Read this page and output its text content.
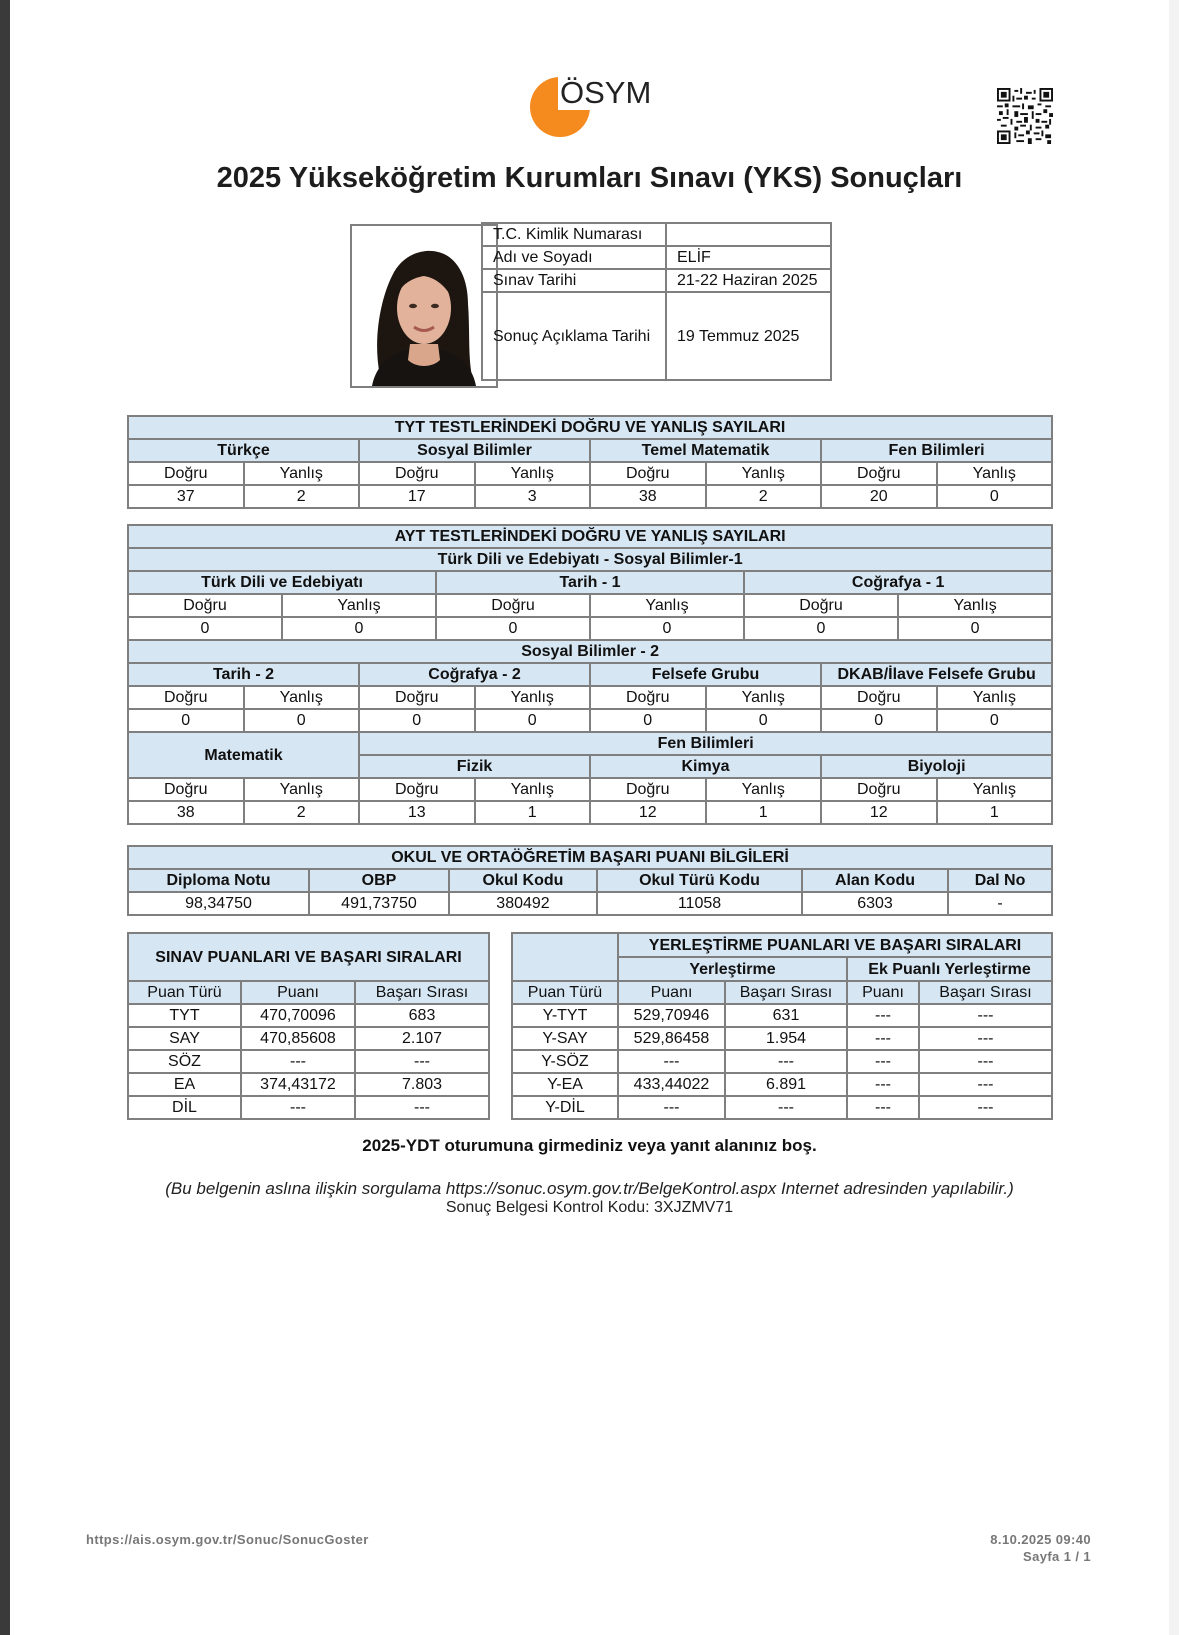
ÖSYM
2025 Yükseköğretim Kurumları Sınavı (YKS) Sonuçları
T.C. Kimlik Numarası	
Adı ve Soyadı	ELİF
Sınav Tarihi	21-22 Haziran 2025
Sonuç Açıklama Tarihi	19 Temmuz 2025
TYT TESTLERİNDEKİ DOĞRU VE YANLIŞ SAYILARI							
Türkçe		Sosyal Bilimler		Temel Matematik		Fen Bilimleri	
Doğru	Yanlış	Doğru	Yanlış	Doğru	Yanlış	Doğru	Yanlış
37	2	17	3	38	2	20	0
AYT TESTLERİNDEKİ DOĞRU VE YANLIŞ SAYILARI											
Türk Dili ve Edebiyatı - Sosyal Bilimler-1											
Türk Dili ve Edebiyatı				Tarih - 1				Coğrafya - 1			
Doğru		Yanlış		Doğru		Yanlış		Doğru		Yanlış	
0		0		0		0		0		0	
Sosyal Bilimler - 2											
Tarih - 2			Coğrafya - 2			Felsefe Grubu			DKAB/İlave Felsefe Grubu		
Doğru	Yanlış		Doğru		Yanlış	Doğru	Yanlış		Doğru		Yanlış
0	0		0		0	0	0		0		0
Matematik			Fen Bilimleri								
			Fizik			Kimya			Biyoloji		
Doğru	Yanlış		Doğru		Yanlış	Doğru	Yanlış		Doğru		Yanlış
38	2		13		1	12	1		12		1
OKUL VE ORTAÖĞRETİM BAŞARI PUANI BİLGİLERİ					
Diploma Notu	OBP	Okul Kodu	Okul Türü Kodu	Alan Kodu	Dal No
98,34750	491,73750	380492	11058	6303	-
SINAV PUANLARI VE BAŞARI SIRALARI		
Puan Türü	Puanı	Başarı Sırası
TYT	470,70096	683
SAY	470,85608	2.107
SÖZ	---	---
EA	374,43172	7.803
DİL	---	---
	YERLEŞTİRME PUANLARI VE BAŞARI SIRALARI			
	Yerleştirme		Ek Puanlı Yerleştirme	
Puan Türü	Puanı	Başarı Sırası	Puanı	Başarı Sırası
Y-TYT	529,70946	631	---	---
Y-SAY	529,86458	1.954	---	---
Y-SÖZ	---	---	---	---
Y-EA	433,44022	6.891	---	---
Y-DİL	---	---	---	---
2025-YDT oturumuna girmediniz veya yanıt alanınız boş.
(Bu belgenin aslına ilişkin sorgulama https://sonuc.osym.gov.tr/BelgeKontrol.aspx Internet adresinden yapılabilir.)
Sonuç Belgesi Kontrol Kodu: 3XJZMV71
https://ais.osym.gov.tr/Sonuc/SonucGoster	8.10.2025 09:40
Sayfa 1 / 1
